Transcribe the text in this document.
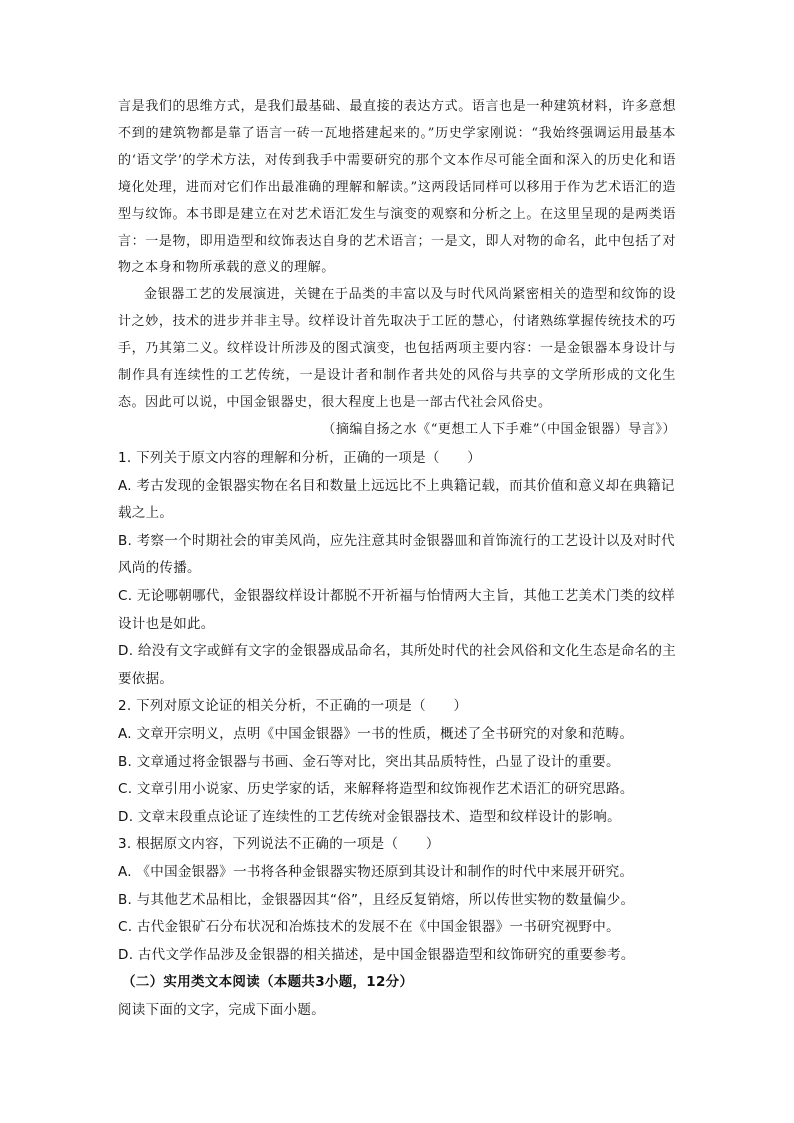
言是我们的思维方式，是我们最基础、最直接的表达方式。语言也是一种建筑材料，许多意想不到的建筑物都是靠了语言一砖一瓦地搭建起来的。”历史学家刚说：“我始终强调运用最基本的‘语文学’的学术方法，对传到我手中需要研究的那个文本作尽可能全面和深入的历史化和语境化处理，进而对它们作出最准确的理解和解读。”这两段话同样可以移用于作为艺术语汇的造型与纹饰。本书即是建立在对艺术语汇发生与演变的观察和分析之上。在这里呈现的是两类语言：一是物，即用造型和纹饰表达自身的艺术语言；一是文，即人对物的命名，此中包括了对物之本身和物所承载的意义的理解。

金银器工艺的发展演进，关键在于品类的丰富以及与时代风尚紧密相关的造型和纹饰的设计之妙，技术的进步并非主导。纹样设计首先取决于工匠的慧心，付诸熟练掌握传统技术的巧手，乃其第二义。纹样设计所涉及的图式演变，也包括两项主要内容：一是金银器本身设计与制作具有连续性的工艺传统，一是设计者和制作者共处的风俗与共享的文学所形成的文化生态。因此可以说，中国金银器史，很大程度上也是一部古代社会风俗史。

（摘编自扬之水《“更想工人下手难”（中国金银器）导言》）

1. 下列关于原文内容的理解和分析，正确的一项是（　　）

A. 考古发现的金银器实物在名目和数量上远远比不上典籍记载，而其价值和意义却在典籍记载之上。

B. 考察一个时期社会的审美风尚，应先注意其时金银器皿和首饰流行的工艺设计以及对时代风尚的传播。

C. 无论哪朝哪代，金银器纹样设计都脱不开祈福与怡情两大主旨，其他工艺美术门类的纹样设计也是如此。

D. 给没有文字或鲜有文字的金银器成品命名，其所处时代的社会风俗和文化生态是命名的主要依据。

2. 下列对原文论证的相关分析，不正确的一项是（　　）

A. 文章开宗明义，点明《中国金银器》一书的性质，概述了全书研究的对象和范畴。

B. 文章通过将金银器与书画、金石等对比，突出其品质特性，凸显了设计的重要。

C. 文章引用小说家、历史学家的话，来解释将造型和纹饰视作艺术语汇的研究思路。

D. 文章末段重点论证了连续性的工艺传统对金银器技术、造型和纹样设计的影响。

3. 根据原文内容，下列说法不正确的一项是（　　）

A. 《中国金银器》一书将各种金银器实物还原到其设计和制作的时代中来展开研究。

B. 与其他艺术品相比，金银器因其“俗”，且经反复销熔，所以传世实物的数量偏少。

C. 古代金银矿石分布状况和冶炼技术的发展不在《中国金银器》一书研究视野中。

D. 古代文学作品涉及金银器的相关描述，是中国金银器造型和纹饰研究的重要参考。

（二）实用类文本阅读（本题共3小题，12分）

阅读下面的文字，完成下面小题。
